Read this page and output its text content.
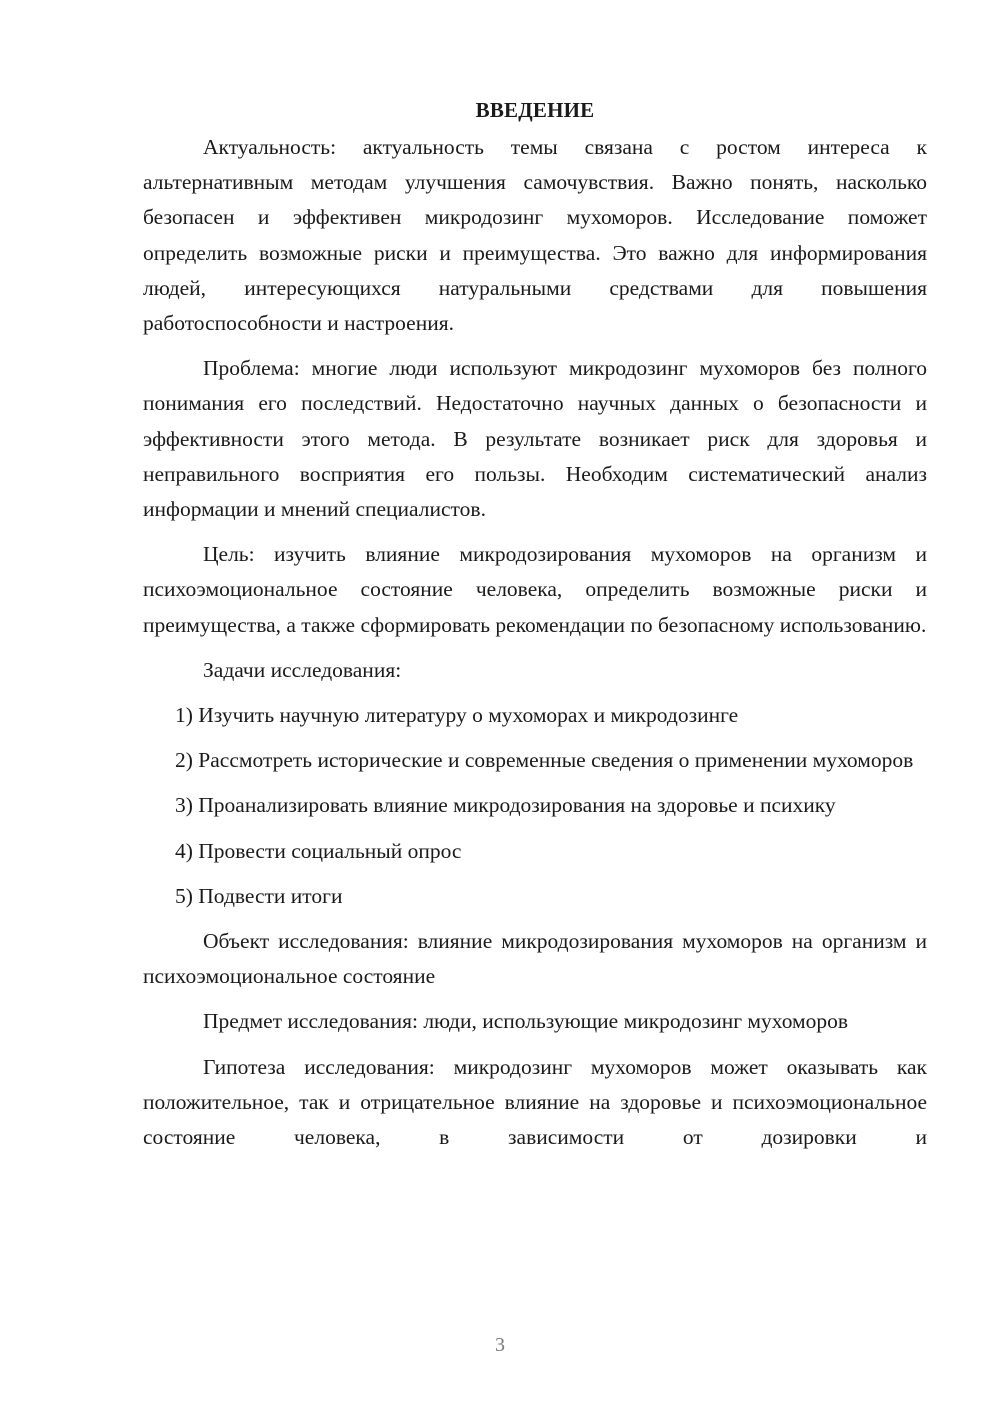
ВВЕДЕНИЕ

Актуальность: актуальность темы связана с ростом интереса к альтернативным методам улучшения самочувствия. Важно понять, насколько безопасен и эффективен микродозинг мухоморов. Исследование поможет определить возможные риски и преимущества. Это важно для информирования людей, интересующихся натуральными средствами для повышения работоспособности и настроения.

Проблема: многие люди используют микродозинг мухоморов без полного понимания его последствий. Недостаточно научных данных о безопасности и эффективности этого метода. В результате возникает риск для здоровья и неправильного восприятия его пользы. Необходим систематический анализ информации и мнений специалистов.

Цель: изучить влияние микродозирования мухоморов на организм и психоэмоциональное состояние человека, определить возможные риски и преимущества, а также сформировать рекомендации по безопасному использованию.

Задачи исследования:

1) Изучить научную литературу о мухоморах и микродозинге

2) Рассмотреть исторические и современные сведения о применении мухоморов

3) Проанализировать влияние микродозирования на здоровье и психику

4) Провести социальный опрос

5) Подвести итоги

Объект исследования: влияние микродозирования мухоморов на организм и психоэмоциональное состояние

Предмет исследования: люди, использующие микродозинг мухоморов

Гипотеза исследования: микродозинг мухоморов может оказывать как положительное, так и отрицательное влияние на здоровье и психоэмоциональное состояние человека, в зависимости от дозировки и

3
